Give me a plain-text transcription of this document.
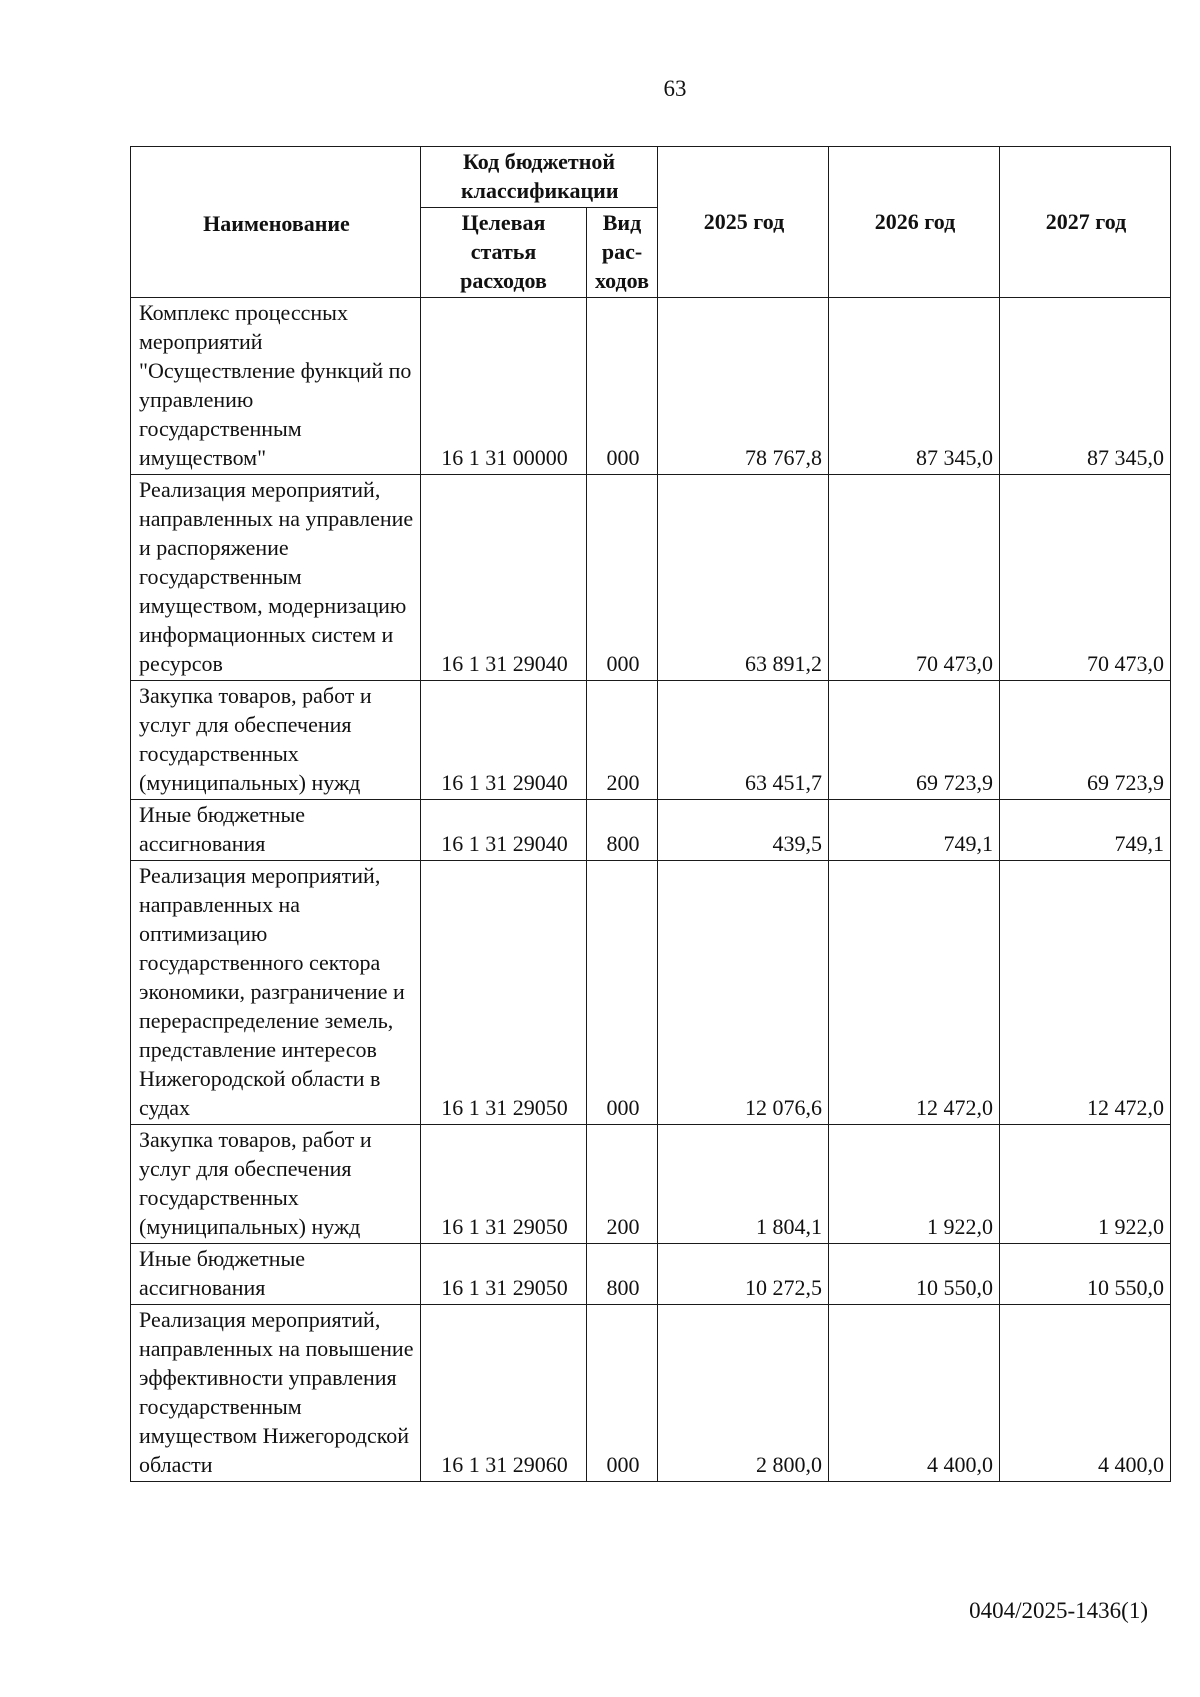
63
Наименование	Код бюджетной классификации		2025 год	2026 год	2027 год
	Целевая статья расходов	Вид рас-ходов			
Комплекс процессных мероприятий "Осуществление функций по управлению государственным имуществом"	16 1 31 00000	000	78 767,8	87 345,0	87 345,0
Реализация мероприятий, направленных на управление и распоряжение государственным имуществом, модернизацию информационных систем и ресурсов	16 1 31 29040	000	63 891,2	70 473,0	70 473,0
Закупка товаров, работ и услуг для обеспечения государственных (муниципальных) нужд	16 1 31 29040	200	63 451,7	69 723,9	69 723,9
Иные бюджетные ассигнования	16 1 31 29040	800	439,5	749,1	749,1
Реализация мероприятий, направленных на оптимизацию государственного сектора экономики, разграничение и перераспределение земель, представление интересов Нижегородской области в судах	16 1 31 29050	000	12 076,6	12 472,0	12 472,0
Закупка товаров, работ и услуг для обеспечения государственных (муниципальных) нужд	16 1 31 29050	200	1 804,1	1 922,0	1 922,0
Иные бюджетные ассигнования	16 1 31 29050	800	10 272,5	10 550,0	10 550,0
Реализация мероприятий, направленных на повышение эффективности управления государственным имуществом Нижегородской области	16 1 31 29060	000	2 800,0	4 400,0	4 400,0
0404/2025-1436(1)
